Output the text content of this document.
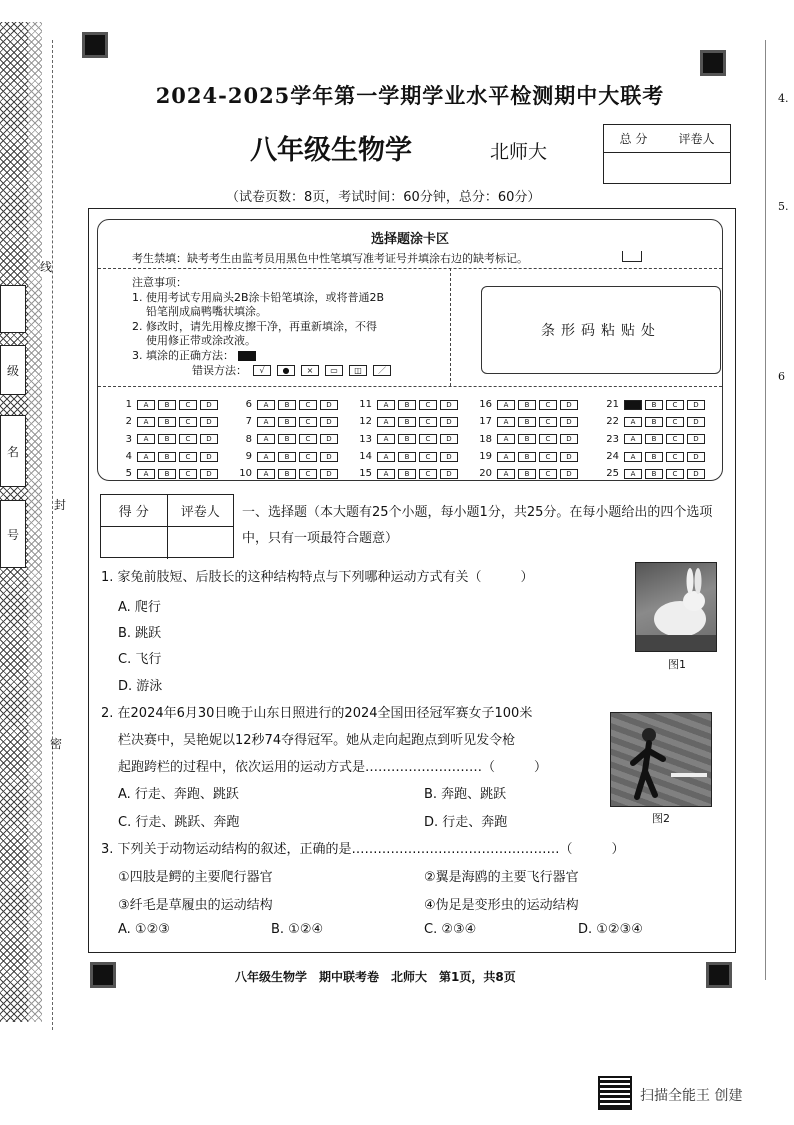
级
名
号
线
封
密
4.
5.
6
2024-2025学年第一学期学业水平检测期中大联考
八年级生物学	北师大
总 分	评卷人
（试卷页数：8页，考试时间：60分钟，总分：60分）
选择题涂卡区
考生禁填：缺考考生由监考员用黑色中性笔填写准考证号并填涂右边的缺考标记。
注意事项：
1. 使用考试专用扁头2B涂卡铅笔填涂，或将普通2B
铅笔削成扁鸭嘴状填涂。
2. 修改时，请先用橡皮擦干净，再重新填涂，不得
使用修正带或涂改液。
3. 填涂的正确方法：
错误方法：	√	●	×	▭	◫	／
条形码粘贴处
1	A	B	C	D
2	A	B	C	D
3	A	B	C	D
4	A	B	C	D
5	A	B	C	D
6	A	B	C	D
7	A	B	C	D
8	A	B	C	D
9	A	B	C	D
10	A	B	C	D
11	A	B	C	D
12	A	B	C	D
13	A	B	C	D
14	A	B	C	D
15	A	B	C	D
16	A	B	C	D
17	A	B	C	D
18	A	B	C	D
19	A	B	C	D
20	A	B	C	D
21	B	C	D
22	A	B	C	D
23	A	B	C	D
24	A	B	C	D
25	A	B	C	D
得 分	评卷人	一、选择题（本大题有25个小题，每小题1分，共25分。在每小题给出的四个选项中，只有一项最符合题意）
1. 家兔前肢短、后肢长的这种结构特点与下列哪种运动方式有关（　　　）
A. 爬行
B. 跳跃
C. 飞行
D. 游泳
图1
2. 在2024年6月30日晚于山东日照进行的2024全国田径冠军赛女子100米
栏决赛中，吴艳妮以12秒74夺得冠军。她从走向起跑点到听见发令枪
起跑跨栏的过程中，依次运用的运动方式是………………………（　　　）
A. 行走、奔跑、跳跃	B. 奔跑、跳跃
C. 行走、跳跃、奔跑	D. 行走、奔跑	图2
3. 下列关于动物运动结构的叙述，正确的是…………………………………………（　　　）
①四肢是鳄的主要爬行器官	②翼是海鸥的主要飞行器官
③纤毛是草履虫的运动结构	④伪足是变形虫的运动结构
A. ①②③	B. ①②④	C. ②③④	D. ①②③④
八年级生物学　期中联考卷　北师大　第1页，共8页
扫描全能王 创建
